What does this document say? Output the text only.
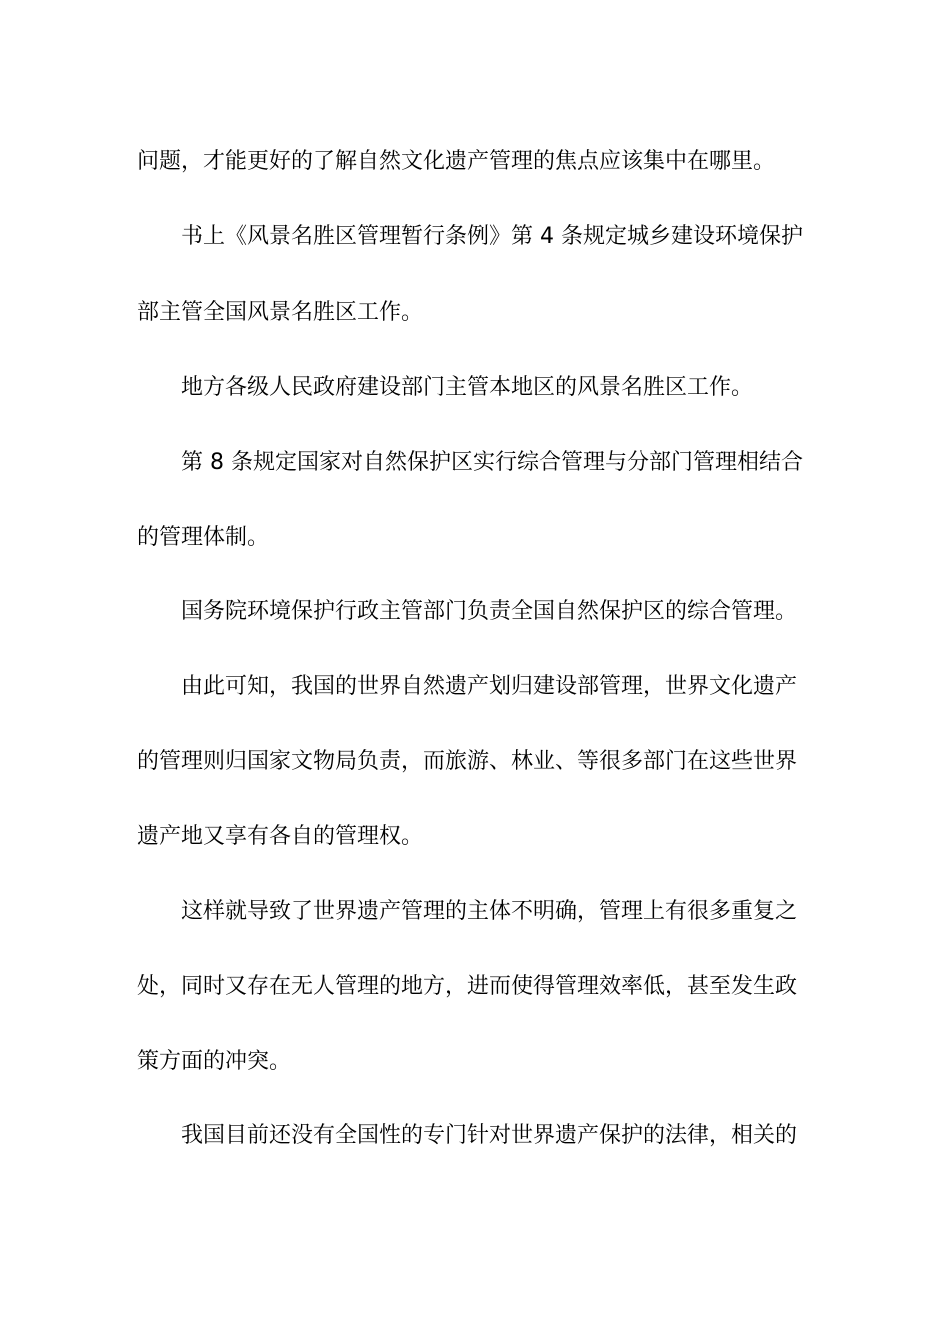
问题，才能更好的了解自然文化遗产管理的焦点应该集中在哪里。
书上《风景名胜区管理暂行条例》第 4 条规定城乡建设环境保护
部主管全国风景名胜区工作。
地方各级人民政府建设部门主管本地区的风景名胜区工作。
第 8 条规定国家对自然保护区实行综合管理与分部门管理相结合
的管理体制。
国务院环境保护行政主管部门负责全国自然保护区的综合管理。
由此可知，我国的世界自然遗产划归建设部管理，世界文化遗产
的管理则归国家文物局负责，而旅游、林业、等很多部门在这些世界
遗产地又享有各自的管理权。
这样就导致了世界遗产管理的主体不明确，管理上有很多重复之
处，同时又存在无人管理的地方，进而使得管理效率低，甚至发生政
策方面的冲突。
我国目前还没有全国性的专门针对世界遗产保护的法律，相关的
